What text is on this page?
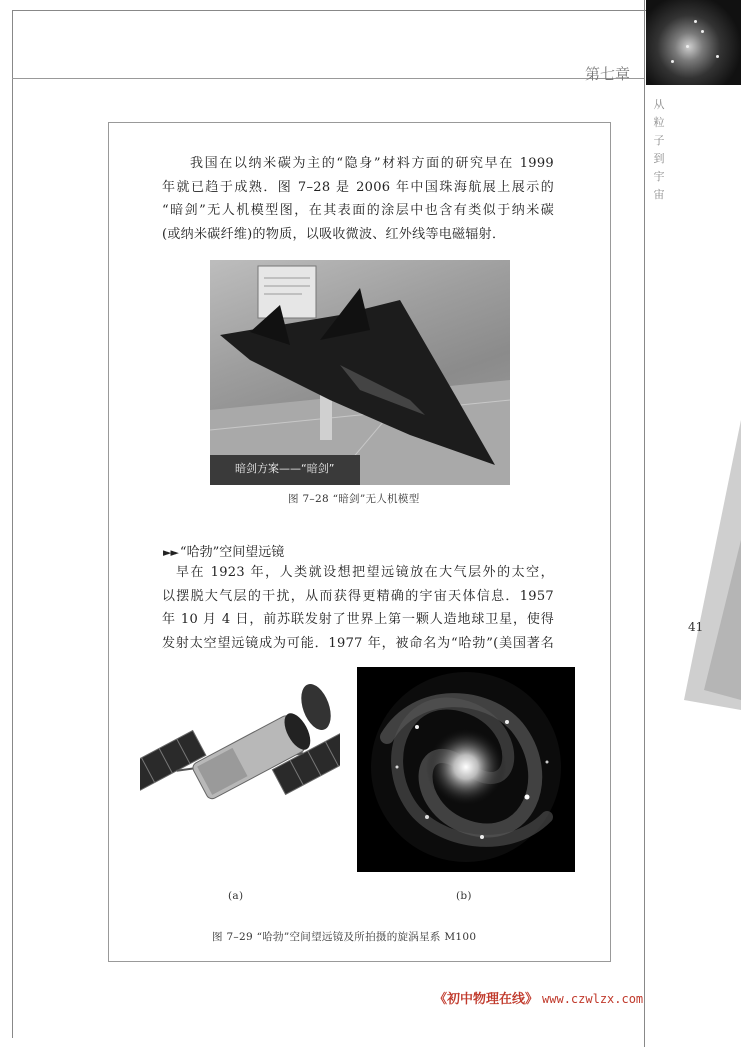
第七章
从
粒
子
到
宇
宙
41
我国在以纳米碳为主的“隐身”材料方面的研究早在 1999
年就已趋于成熟．图 7–28 是 2006 年中国珠海航展上展示的
“暗剑”无人机模型图，在其表面的涂层中也含有类似于纳米碳
(或纳米碳纤维)的物质，以吸收微波、红外线等电磁辐射．
暗剑方案——“暗剑”
图 7–28 “暗剑”无人机模型
►► “哈勃”空间望远镜
早在 1923 年，人类就设想把望远镜放在大气层外的太空，
以摆脱大气层的干扰，从而获得更精确的宇宙天体信息．1957
年 10 月 4 日，前苏联发射了世界上第一颗人造地球卫星，使得
发射太空望远镜成为可能．1977 年，被命名为“哈勃”(美国著名
(a)	(b)
图 7–29 “哈勃”空间望远镜及所拍摄的旋涡星系 M100
《初中物理在线》 www.czwlzx.com
